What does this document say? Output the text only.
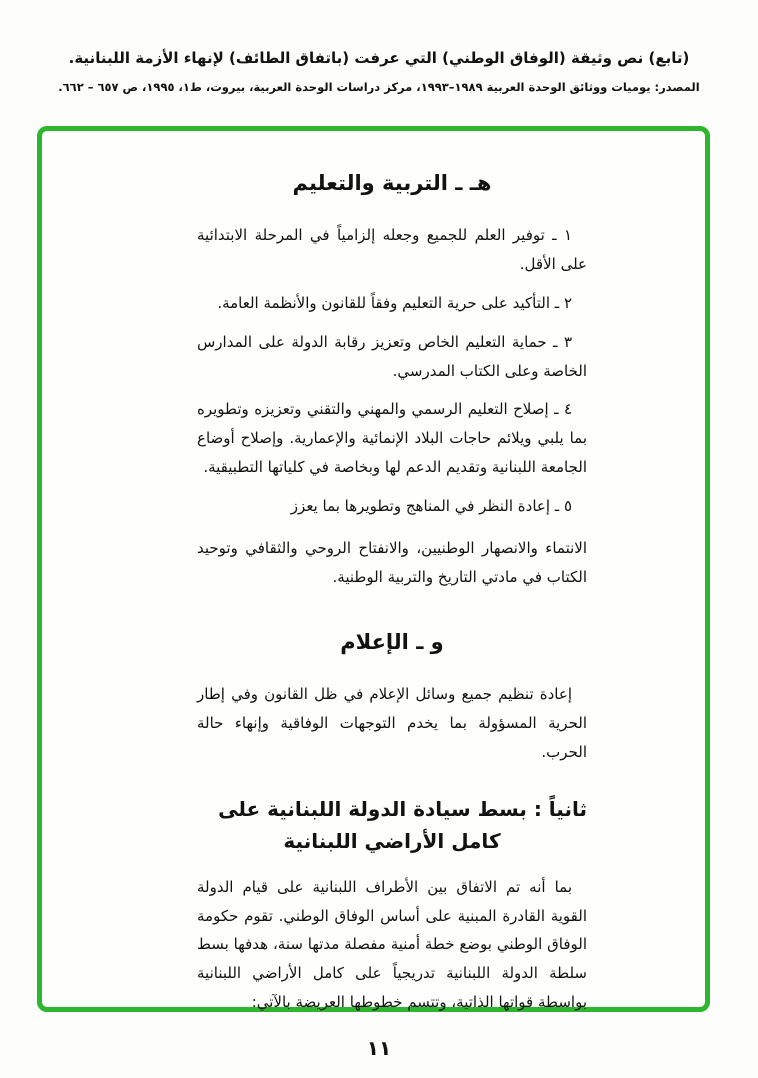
(تابع) نص وثيقة (الوفاق الوطني) التي عرفت (باتفاق الطائف) لإنهاء الأزمة اللبنانية.
المصدر: يوميات ووثائق الوحدة العربية ١٩٨٩–١٩٩٣، مركز دراسات الوحدة العربية، بيروت، ط١، ١٩٩٥، ص ٦٥٧ – ٦٦٢.
هـ ـ التربية والتعليم

١ ـ توفير العلم للجميع وجعله إلزامياً في المرحلة الابتدائية على الأقل.

٢ ـ التأكيد على حرية التعليم وفقاً للقانون والأنظمة العامة.

٣ ـ حماية التعليم الخاص وتعزيز رقابة الدولة على المدارس الخاصة وعلى الكتاب المدرسي.

٤ ـ إصلاح التعليم الرسمي والمهني والتقني وتعزيزه وتطويره بما يلبي ويلائم حاجات البلاد الإنمائية والإعمارية. وإصلاح أوضاع الجامعة اللبنانية وتقديم الدعم لها وبخاصة في كلياتها التطبيقية.

٥ ـ إعادة النظر في المناهج وتطويرها بما يعزز

الانتماء والانصهار الوطنيين، والانفتاح الروحي والثقافي وتوحيد الكتاب في مادتي التاريخ والتربية الوطنية.

و ـ الإعلام

إعادة تنظيم جميع وسائل الإعلام في ظل القانون وفي إطار الحرية المسؤولة بما يخدم التوجهات الوفاقية وإنهاء حالة الحرب.

ثانياً : بسط سيادة الدولة اللبنانية على
كامل الأراضي اللبنانية

بما أنه تم الاتفاق بين الأطراف اللبنانية على قيام الدولة القوية القادرة المبنية على أساس الوفاق الوطني. تقوم حكومة الوفاق الوطني بوضع خطة أمنية مفصلة مدتها سنة، هدفها بسط سلطة الدولة اللبنانية تدريجياً على كامل الأراضي اللبنانية بواسطة قواتها الذاتية، وتتسم خطوطها العريضة بالآتي:

١١
